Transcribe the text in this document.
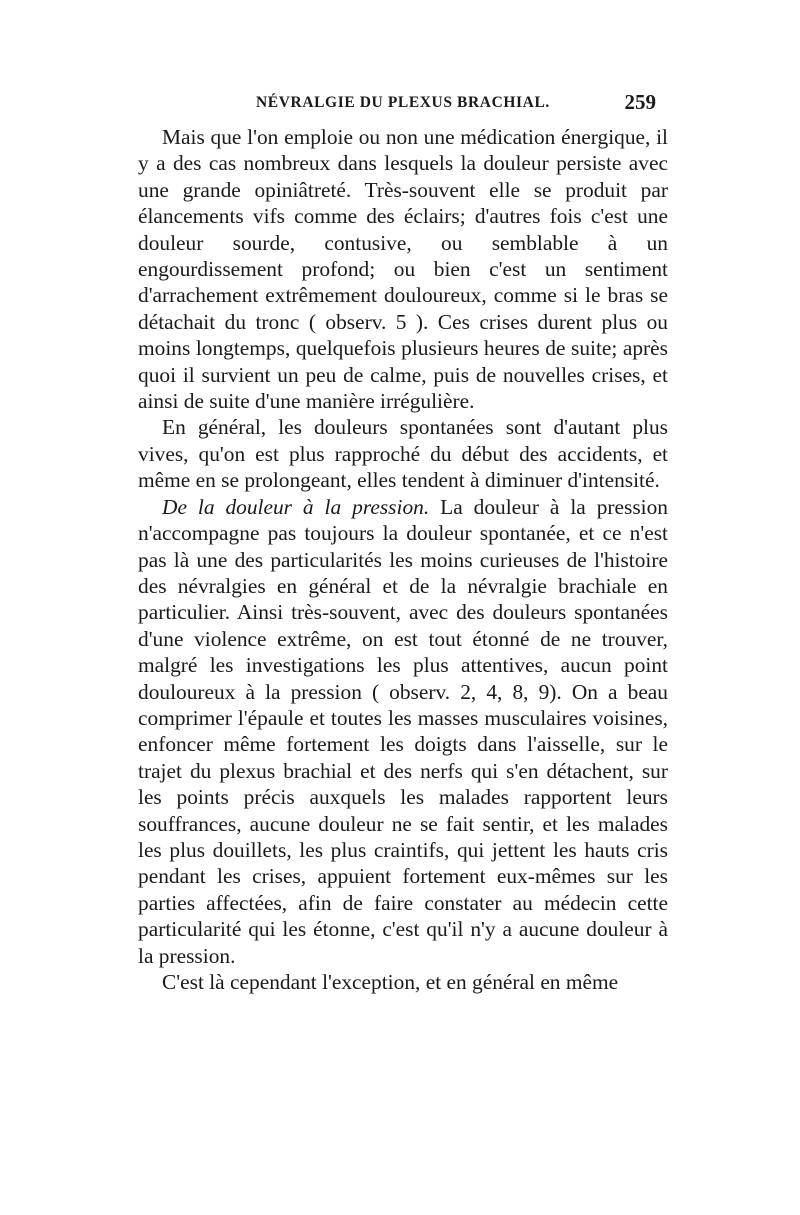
NÉVRALGIE DU PLEXUS BRACHIAL.	259

Mais que l'on emploie ou non une médication énergique, il y a des cas nombreux dans lesquels la douleur persiste avec une grande opiniâtreté. Très-souvent elle se produit par élancements vifs comme des éclairs; d'autres fois c'est une douleur sourde, contusive, ou semblable à un engourdissement profond; ou bien c'est un sentiment d'arrachement extrêmement douloureux, comme si le bras se détachait du tronc ( observ. 5 ). Ces crises durent plus ou moins longtemps, quelquefois plusieurs heures de suite; après quoi il survient un peu de calme, puis de nouvelles crises, et ainsi de suite d'une manière irrégulière.

En général, les douleurs spontanées sont d'autant plus vives, qu'on est plus rapproché du début des accidents, et même en se prolongeant, elles tendent à diminuer d'intensité.

De la douleur à la pression. La douleur à la pression n'accompagne pas toujours la douleur spontanée, et ce n'est pas là une des particularités les moins curieuses de l'histoire des névralgies en général et de la névralgie brachiale en particulier. Ainsi très-souvent, avec des douleurs spontanées d'une violence extrême, on est tout étonné de ne trouver, malgré les investigations les plus attentives, aucun point douloureux à la pression ( observ. 2, 4, 8, 9). On a beau comprimer l'épaule et toutes les masses musculaires voisines, enfoncer même fortement les doigts dans l'aisselle, sur le trajet du plexus brachial et des nerfs qui s'en détachent, sur les points précis auxquels les malades rapportent leurs souffrances, aucune douleur ne se fait sentir, et les malades les plus douillets, les plus craintifs, qui jettent les hauts cris pendant les crises, appuient fortement eux-mêmes sur les parties affectées, afin de faire constater au médecin cette particularité qui les étonne, c'est qu'il n'y a aucune douleur à la pression.

C'est là cependant l'exception, et en général en même
